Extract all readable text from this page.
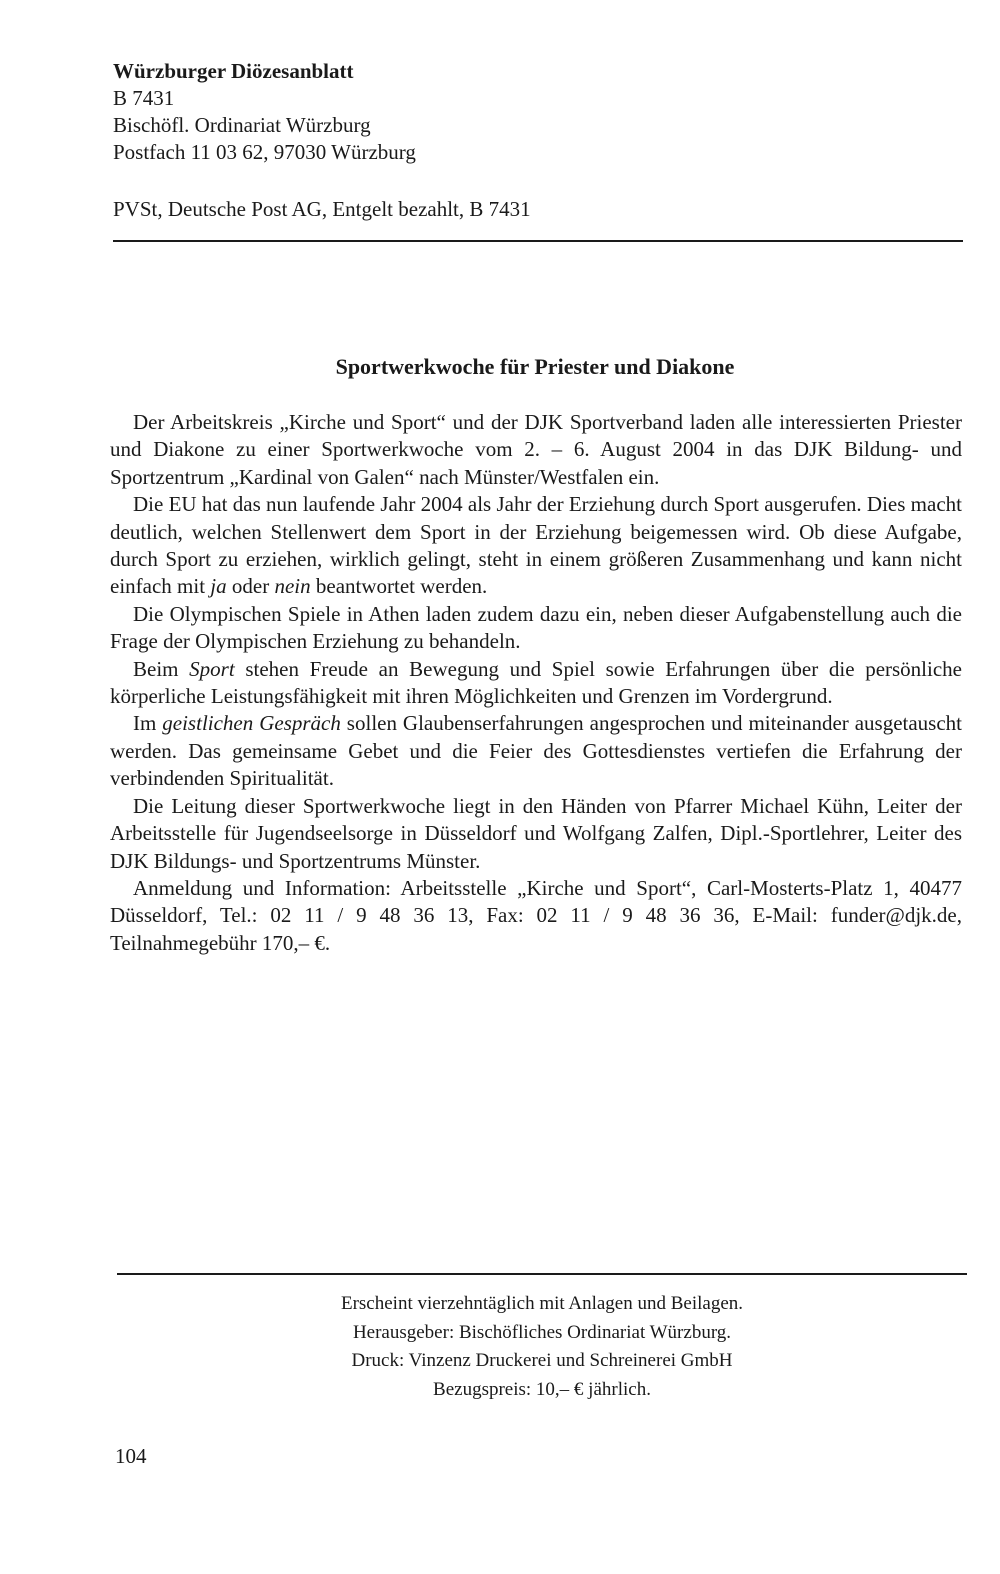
Würzburger Diözesanblatt
B 7431
Bischöfl. Ordinariat Würzburg
Postfach 11 03 62, 97030 Würzburg
PVSt, Deutsche Post AG, Entgelt bezahlt, B 7431
Sportwerkwoche für Priester und Diakone

Der Arbeitskreis „Kirche und Sport“ und der DJK Sportverband laden alle interessierten Priester und Diakone zu einer Sportwerkwoche vom 2. – 6. August 2004 in das DJK Bildung- und Sportzentrum „Kardinal von Galen“ nach Münster/Westfalen ein.

Die EU hat das nun laufende Jahr 2004 als Jahr der Erziehung durch Sport ausgerufen. Dies macht deutlich, welchen Stellenwert dem Sport in der Erziehung beigemessen wird. Ob diese Aufgabe, durch Sport zu erziehen, wirklich gelingt, steht in einem größeren Zusammenhang und kann nicht einfach mit ja oder nein beantwortet werden.

Die Olympischen Spiele in Athen laden zudem dazu ein, neben dieser Aufgabenstellung auch die Frage der Olympischen Erziehung zu behandeln.

Beim Sport stehen Freude an Bewegung und Spiel sowie Erfahrungen über die persönliche körperliche Leistungsfähigkeit mit ihren Möglichkeiten und Grenzen im Vordergrund.

Im geistlichen Gespräch sollen Glaubenserfahrungen angesprochen und miteinander ausgetauscht werden. Das gemeinsame Gebet und die Feier des Gottesdienstes vertiefen die Erfahrung der verbindenden Spiritualität.

Die Leitung dieser Sportwerkwoche liegt in den Händen von Pfarrer Michael Kühn, Leiter der Arbeitsstelle für Jugendseelsorge in Düsseldorf und Wolfgang Zalfen, Dipl.-Sportlehrer, Leiter des DJK Bildungs- und Sportzentrums Münster.

Anmeldung und Information: Arbeitsstelle „Kirche und Sport“, Carl-Mosterts-Platz 1, 40477 Düsseldorf, Tel.: 02 11 / 9 48 36 13, Fax: 02 11 / 9 48 36 36, E-Mail: funder@djk.de, Teilnahmegebühr 170,– €.

Erscheint vierzehntäglich mit Anlagen und Beilagen.
Herausgeber: Bischöfliches Ordinariat Würzburg.
Druck: Vinzenz Druckerei und Schreinerei GmbH
Bezugspreis: 10,– € jährlich.
104
